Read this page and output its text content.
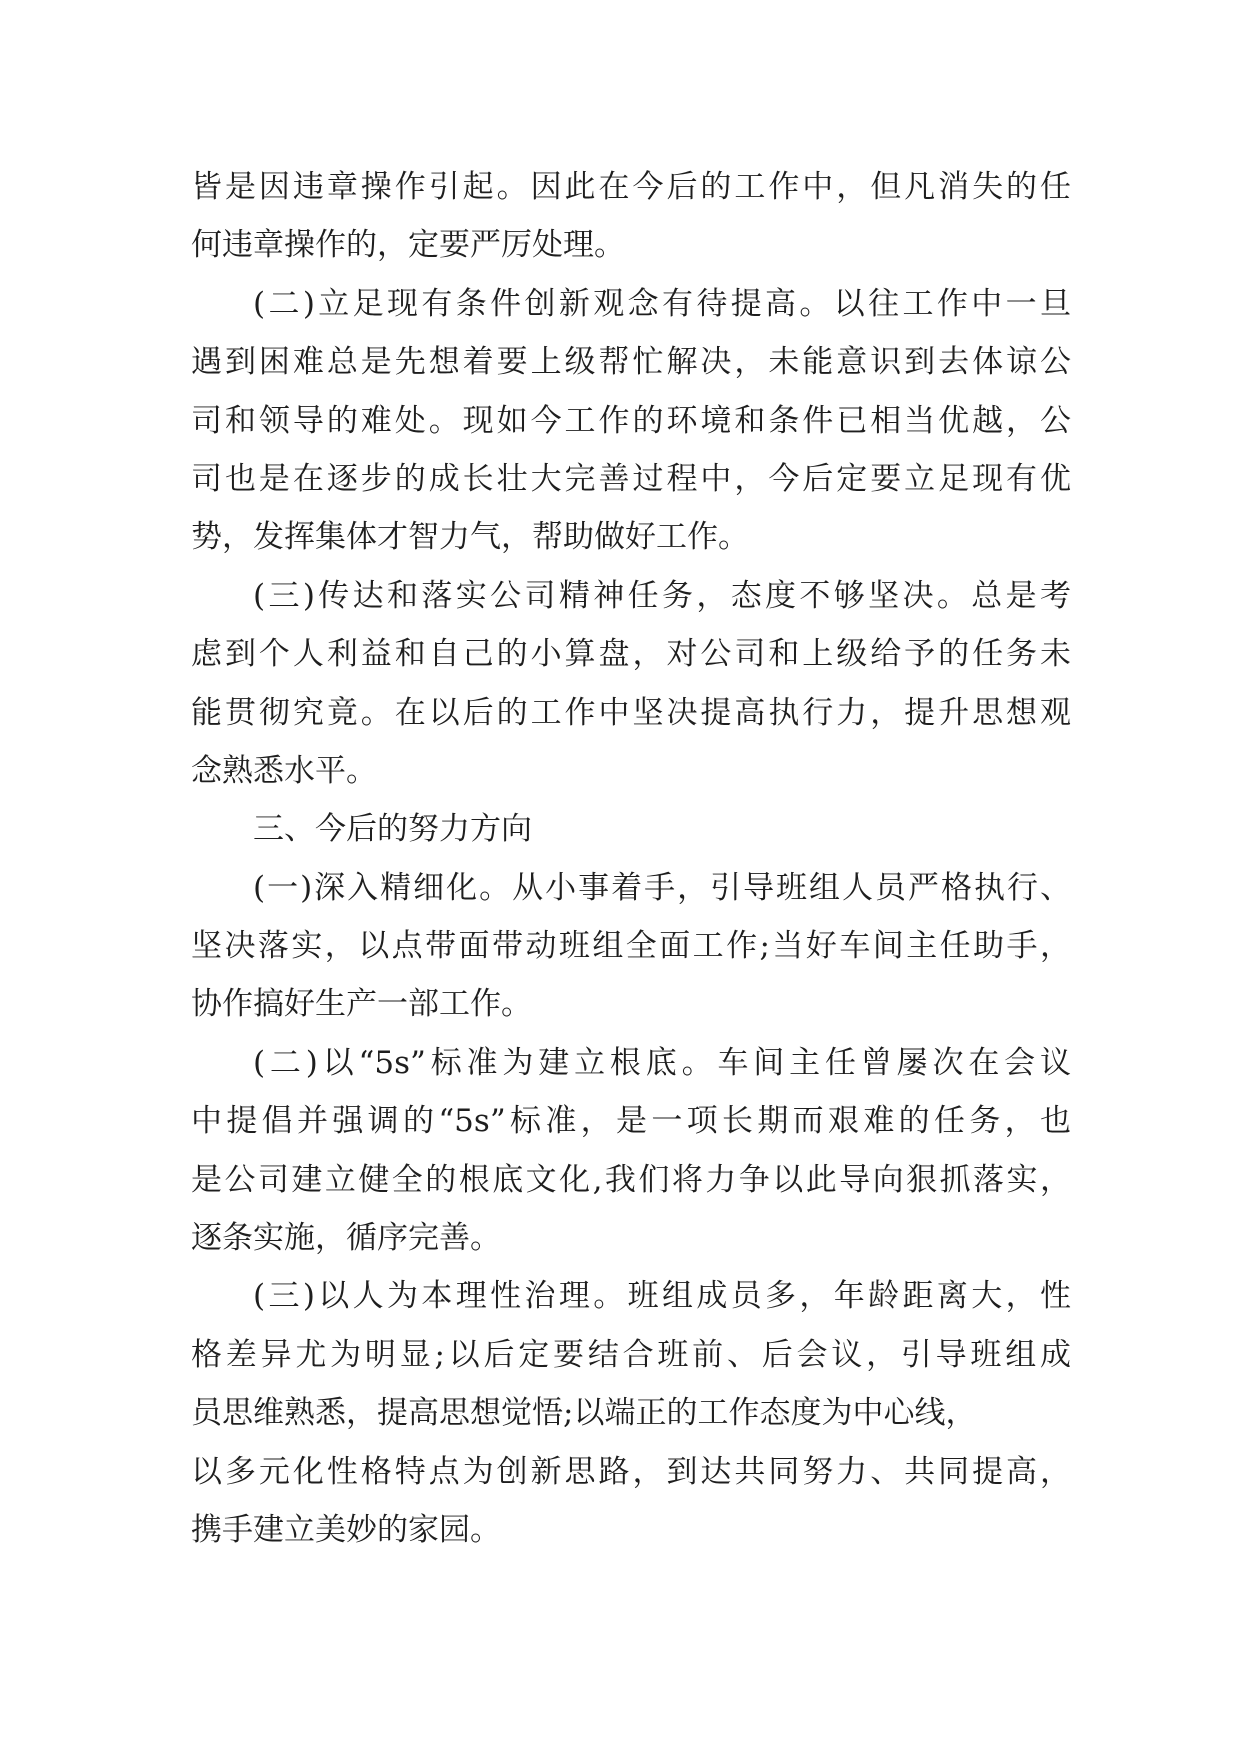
皆是因违章操作引起。因此在今后的工作中，但凡消失的任
何违章操作的，定要严厉处理。
(二)立足现有条件创新观念有待提高。以往工作中一旦
遇到困难总是先想着要上级帮忙解决，未能意识到去体谅公
司和领导的难处。现如今工作的环境和条件已相当优越，公
司也是在逐步的成长壮大完善过程中，今后定要立足现有优
势，发挥集体才智力气，帮助做好工作。
(三)传达和落实公司精神任务，态度不够坚决。总是考
虑到个人利益和自己的小算盘，对公司和上级给予的任务未
能贯彻究竟。在以后的工作中坚决提高执行力，提升思想观
念熟悉水平。
三、今后的努力方向
(一)深入精细化。从小事着手，引导班组人员严格执行、
坚决落实，以点带面带动班组全面工作;当好车间主任助手，
协作搞好生产一部工作。
(二)以“5s”标准为建立根底。车间主任曾屡次在会议
中提倡并强调的“5s”标准，是一项长期而艰难的任务，也
是公司建立健全的根底文化,我们将力争以此导向狠抓落实，
逐条实施，循序完善。
(三)以人为本理性治理。班组成员多，年龄距离大，性
格差异尤为明显;以后定要结合班前、后会议，引导班组成
员思维熟悉，提高思想觉悟;以端正的工作态度为中心线，
以多元化性格特点为创新思路，到达共同努力、共同提高，
携手建立美妙的家园。
